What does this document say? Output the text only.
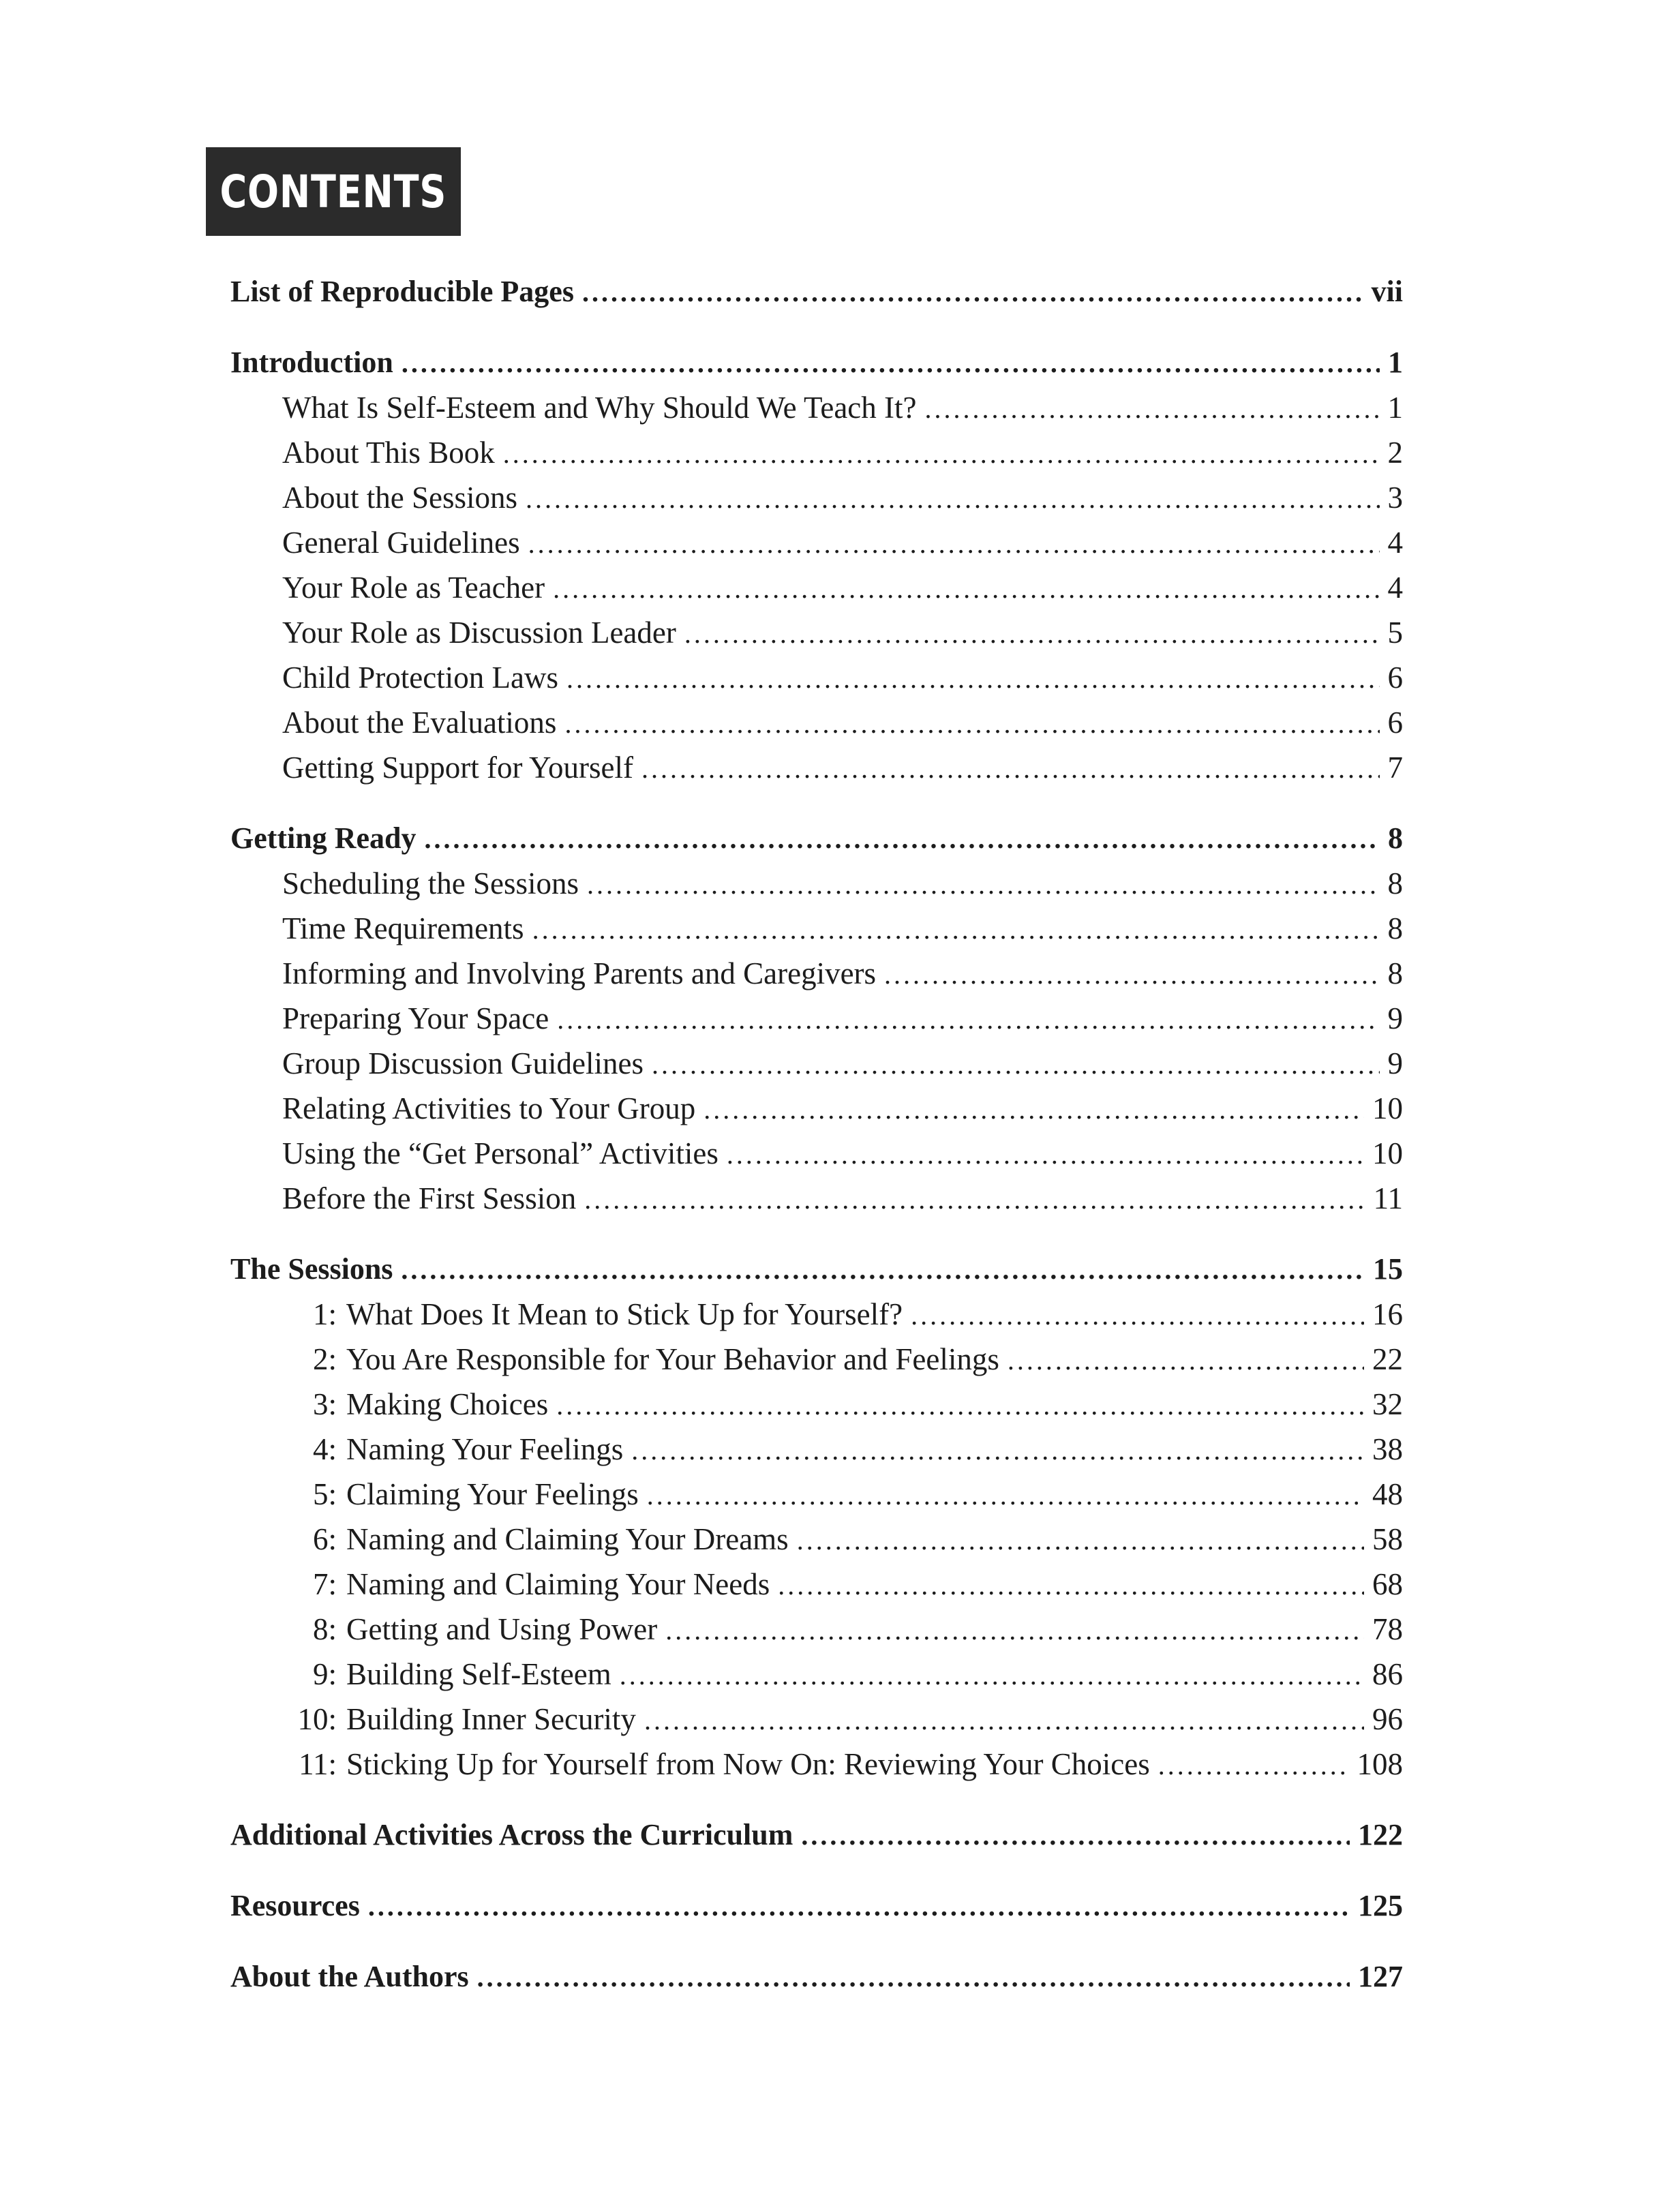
CONTENTS
List of Reproducible Pages . . .	vii
Introduction . . .	1
What Is Self-Esteem and Why Should We Teach It? . . .	1
About This Book . . .	2
About the Sessions . . .	3
General Guidelines . . .	4
Your Role as Teacher . . .	4
Your Role as Discussion Leader . . .	5
Child Protection Laws . . .	6
About the Evaluations . . .	6
Getting Support for Yourself . . .	7
Getting Ready . . .	8
Scheduling the Sessions . . .	8
Time Requirements . . .	8
Informing and Involving Parents and Caregivers . . .	8
Preparing Your Space . . .	9
Group Discussion Guidelines . . .	9
Relating Activities to Your Group . . .	10
Using the “Get Personal” Activities . . .	10
Before the First Session . . .	11
The Sessions . . .	15
1: What Does It Mean to Stick Up for Yourself? . . .	16
2: You Are Responsible for Your Behavior and Feelings . . .	22
3: Making Choices . . .	32
4: Naming Your Feelings . . .	38
5: Claiming Your Feelings . . .	48
6: Naming and Claiming Your Dreams . . .	58
7: Naming and Claiming Your Needs . . .	68
8: Getting and Using Power . . .	78
9: Building Self-Esteem . . .	86
10: Building Inner Security . . .	96
11: Sticking Up for Yourself from Now On: Reviewing Your Choices . . .	108
Additional Activities Across the Curriculum . . .	122
Resources . . .	125
About the Authors . . .	127
